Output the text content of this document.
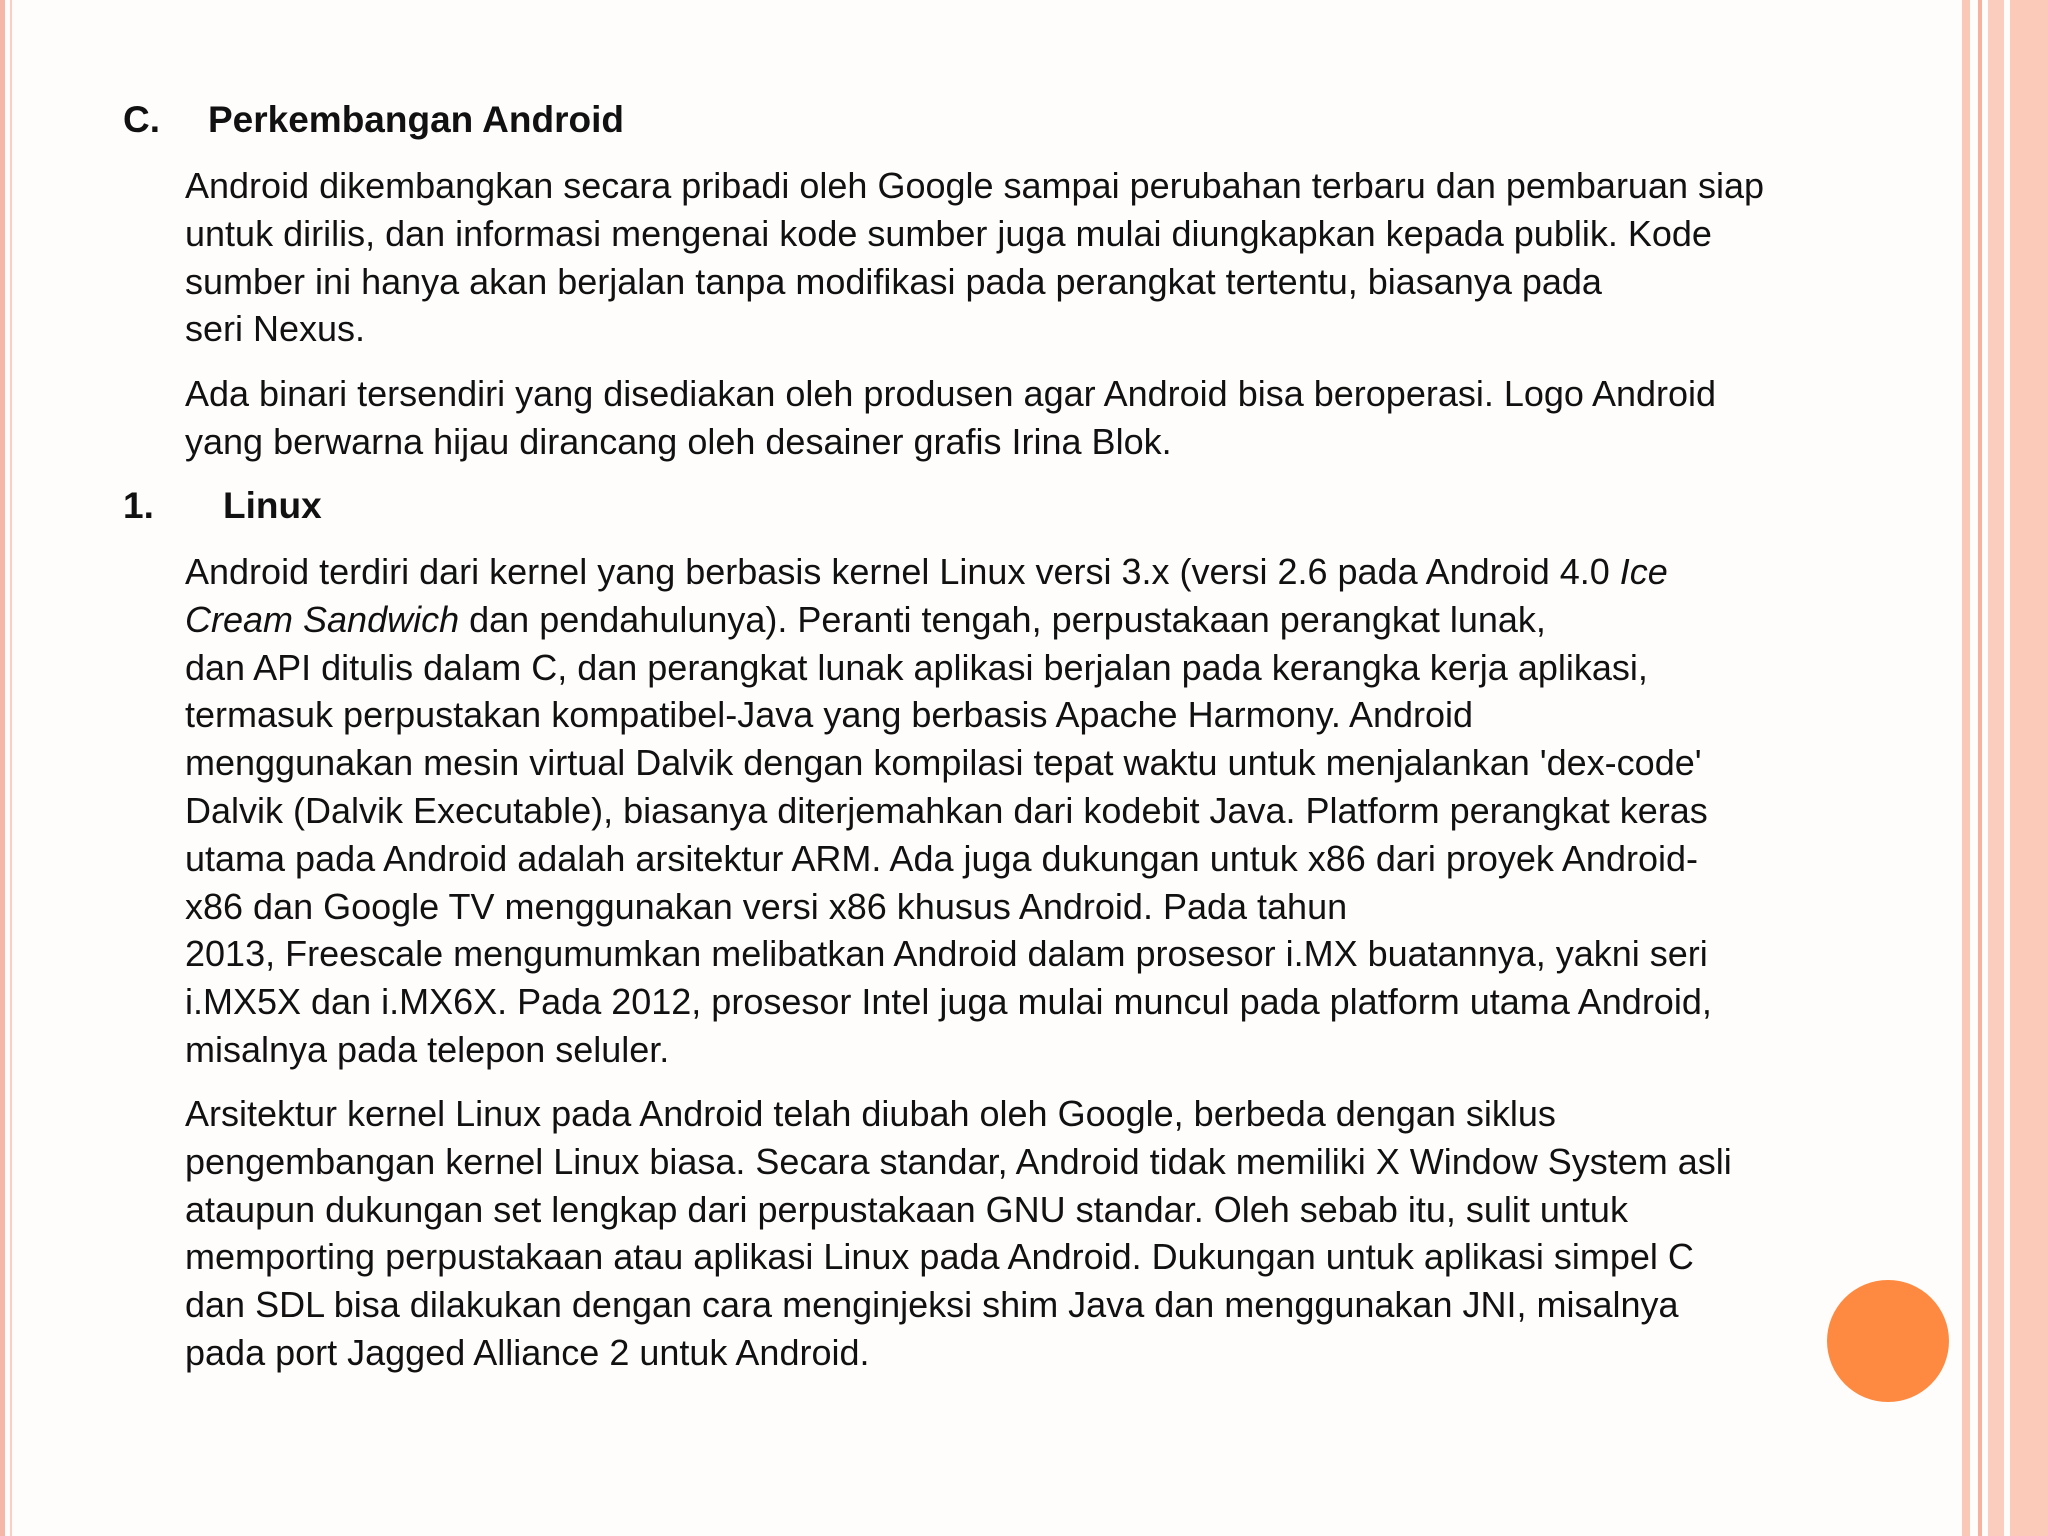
C. Perkembangan Android
Android dikembangkan secara pribadi oleh Google sampai perubahan terbaru dan pembaruan siap
untuk dirilis, dan informasi mengenai kode sumber juga mulai diungkapkan kepada publik. Kode
sumber ini hanya akan berjalan tanpa modifikasi pada perangkat tertentu, biasanya pada
seri Nexus.
Ada binari tersendiri yang disediakan oleh produsen agar Android bisa beroperasi. Logo Android
yang berwarna hijau dirancang oleh desainer grafis Irina Blok.
1. Linux
Android terdiri dari kernel yang berbasis kernel Linux versi 3.x (versi 2.6 pada Android 4.0 Ice
Cream Sandwich dan pendahulunya). Peranti tengah, perpustakaan perangkat lunak,
dan API ditulis dalam C, dan perangkat lunak aplikasi berjalan pada kerangka kerja aplikasi,
termasuk perpustakan kompatibel-Java yang berbasis Apache Harmony. Android
menggunakan mesin virtual Dalvik dengan kompilasi tepat waktu untuk menjalankan 'dex-code'
Dalvik (Dalvik Executable), biasanya diterjemahkan dari kodebit Java. Platform perangkat keras
utama pada Android adalah arsitektur ARM. Ada juga dukungan untuk x86 dari proyek Android-
x86 dan Google TV menggunakan versi x86 khusus Android. Pada tahun
2013, Freescale mengumumkan melibatkan Android dalam prosesor i.MX buatannya, yakni seri
i.MX5X dan i.MX6X. Pada 2012, prosesor Intel juga mulai muncul pada platform utama Android,
misalnya pada telepon seluler.
Arsitektur kernel Linux pada Android telah diubah oleh Google, berbeda dengan siklus
pengembangan kernel Linux biasa. Secara standar, Android tidak memiliki X Window System asli
ataupun dukungan set lengkap dari perpustakaan GNU standar. Oleh sebab itu, sulit untuk
memporting perpustakaan atau aplikasi Linux pada Android. Dukungan untuk aplikasi simpel C
dan SDL bisa dilakukan dengan cara menginjeksi shim Java dan menggunakan JNI, misalnya
pada port Jagged Alliance 2 untuk Android.
